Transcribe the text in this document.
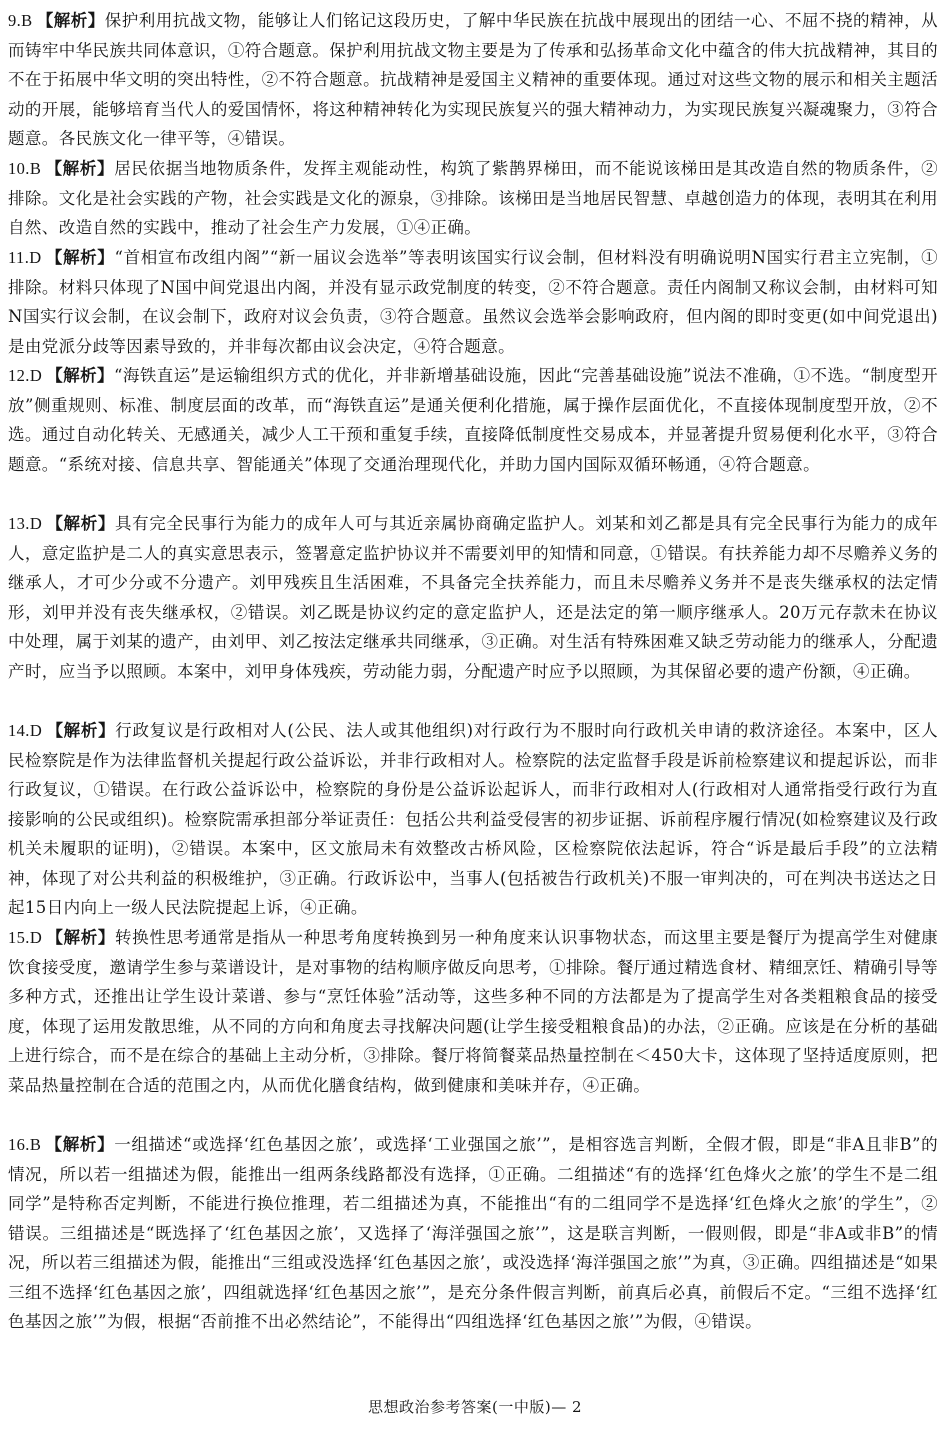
9.B 【解析】保护利用抗战文物，能够让人们铭记这段历史，了解中华民族在抗战中展现出的团结一心、不屈不挠的精神，从而铸牢中华民族共同体意识，①符合题意。保护利用抗战文物主要是为了传承和弘扬革命文化中蕴含的伟大抗战精神，其目的不在于拓展中华文明的突出特性，②不符合题意。抗战精神是爱国主义精神的重要体现。通过对这些文物的展示和相关主题活动的开展，能够培育当代人的爱国情怀，将这种精神转化为实现民族复兴的强大精神动力，为实现民族复兴凝魂聚力，③符合题意。各民族文化一律平等，④错误。

10.B 【解析】居民依据当地物质条件，发挥主观能动性，构筑了紫鹊界梯田，而不能说该梯田是其改造自然的物质条件，②排除。文化是社会实践的产物，社会实践是文化的源泉，③排除。该梯田是当地居民智慧、卓越创造力的体现，表明其在利用自然、改造自然的实践中，推动了社会生产力发展，①④正确。

11.D 【解析】“首相宣布改组内阁”“新一届议会选举”等表明该国实行议会制，但材料没有明确说明N国实行君主立宪制，①排除。材料只体现了N国中间党退出内阁，并没有显示政党制度的转变，②不符合题意。责任内阁制又称议会制，由材料可知N国实行议会制，在议会制下，政府对议会负责，③符合题意。虽然议会选举会影响政府，但内阁的即时变更(如中间党退出)是由党派分歧等因素导致的，并非每次都由议会决定，④符合题意。

12.D 【解析】“海铁直运”是运输组织方式的优化，并非新增基础设施，因此“完善基础设施”说法不准确，①不选。“制度型开放”侧重规则、标准、制度层面的改革，而“海铁直运”是通关便利化措施，属于操作层面优化，不直接体现制度型开放，②不选。通过自动化转关、无感通关，减少人工干预和重复手续，直接降低制度性交易成本，并显著提升贸易便利化水平，③符合题意。“系统对接、信息共享、智能通关”体现了交通治理现代化，并助力国内国际双循环畅通，④符合题意。

13.D 【解析】具有完全民事行为能力的成年人可与其近亲属协商确定监护人。刘某和刘乙都是具有完全民事行为能力的成年人，意定监护是二人的真实意思表示，签署意定监护协议并不需要刘甲的知情和同意，①错误。有扶养能力却不尽赡养义务的继承人，才可少分或不分遗产。刘甲残疾且生活困难，不具备完全扶养能力，而且未尽赡养义务并不是丧失继承权的法定情形，刘甲并没有丧失继承权，②错误。刘乙既是协议约定的意定监护人，还是法定的第一顺序继承人。20万元存款未在协议中处理，属于刘某的遗产，由刘甲、刘乙按法定继承共同继承，③正确。对生活有特殊困难又缺乏劳动能力的继承人，分配遗产时，应当予以照顾。本案中，刘甲身体残疾，劳动能力弱，分配遗产时应予以照顾，为其保留必要的遗产份额，④正确。

14.D 【解析】行政复议是行政相对人(公民、法人或其他组织)对行政行为不服时向行政机关申请的救济途径。本案中，区人民检察院是作为法律监督机关提起行政公益诉讼，并非行政相对人。检察院的法定监督手段是诉前检察建议和提起诉讼，而非行政复议，①错误。在行政公益诉讼中，检察院的身份是公益诉讼起诉人，而非行政相对人(行政相对人通常指受行政行为直接影响的公民或组织)。检察院需承担部分举证责任：包括公共利益受侵害的初步证据、诉前程序履行情况(如检察建议及行政机关未履职的证明)，②错误。本案中，区文旅局未有效整改古桥风险，区检察院依法起诉，符合“诉是最后手段”的立法精神，体现了对公共利益的积极维护，③正确。行政诉讼中，当事人(包括被告行政机关)不服一审判决的，可在判决书送达之日起15日内向上一级人民法院提起上诉，④正确。

15.D 【解析】转换性思考通常是指从一种思考角度转换到另一种角度来认识事物状态，而这里主要是餐厅为提高学生对健康饮食接受度，邀请学生参与菜谱设计，是对事物的结构顺序做反向思考，①排除。餐厅通过精选食材、精细烹饪、精确引导等多种方式，还推出让学生设计菜谱、参与“烹饪体验”活动等，这些多种不同的方法都是为了提高学生对各类粗粮食品的接受度，体现了运用发散思维，从不同的方向和角度去寻找解决问题(让学生接受粗粮食品)的办法，②正确。应该是在分析的基础上进行综合，而不是在综合的基础上主动分析，③排除。餐厅将简餐菜品热量控制在＜450大卡，这体现了坚持适度原则，把菜品热量控制在合适的范围之内，从而优化膳食结构，做到健康和美味并存，④正确。

16.B 【解析】一组描述“或选择‘红色基因之旅’，或选择‘工业强国之旅’”，是相容选言判断，全假才假，即是“非A且非B”的情况，所以若一组描述为假，能推出一组两条线路都没有选择，①正确。二组描述“有的选择‘红色烽火之旅’的学生不是二组同学”是特称否定判断，不能进行换位推理，若二组描述为真，不能推出“有的二组同学不是选择‘红色烽火之旅’的学生”，②错误。三组描述是“既选择了‘红色基因之旅’，又选择了‘海洋强国之旅’”，这是联言判断，一假则假，即是“非A或非B”的情况，所以若三组描述为假，能推出“三组或没选择‘红色基因之旅’，或没选择‘海洋强国之旅’”为真，③正确。四组描述是“如果三组不选择‘红色基因之旅’，四组就选择‘红色基因之旅’”，是充分条件假言判断，前真后必真，前假后不定。“三组不选择‘红色基因之旅’”为假，根据“否前推不出必然结论”，不能得出“四组选择‘红色基因之旅’”为假，④错误。

思想政治参考答案(一中版)— 2
